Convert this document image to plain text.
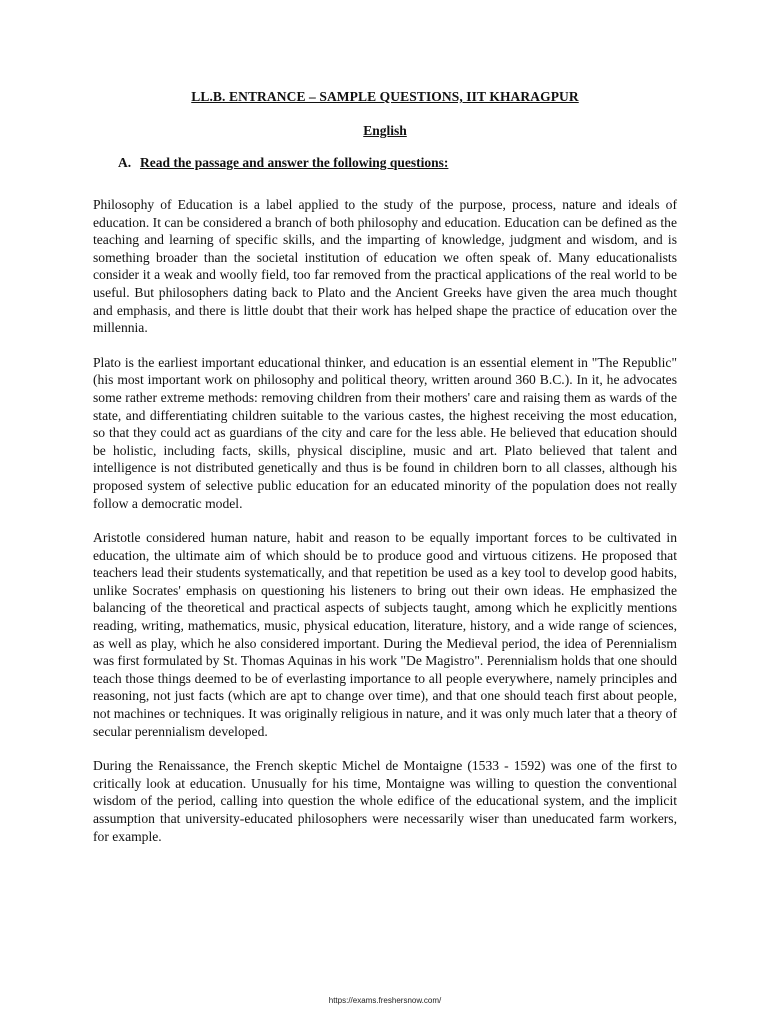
LL.B. ENTRANCE – SAMPLE QUESTIONS, IIT KHARAGPUR
English
A. Read the passage and answer the following questions:

Philosophy of Education is a label applied to the study of the purpose, process, nature and ideals of education. It can be considered a branch of both philosophy and education. Education can be defined as the teaching and learning of specific skills, and the imparting of knowledge, judgment and wisdom, and is something broader than the societal institution of education we often speak of. Many educationalists consider it a weak and woolly field, too far removed from the practical applications of the real world to be useful. But philosophers dating back to Plato and the Ancient Greeks have given the area much thought and emphasis, and there is little doubt that their work has helped shape the practice of education over the millennia.

Plato is the earliest important educational thinker, and education is an essential element in "The Republic" (his most important work on philosophy and political theory, written around 360 B.C.). In it, he advocates some rather extreme methods: removing children from their mothers' care and raising them as wards of the state, and differentiating children suitable to the various castes, the highest receiving the most education, so that they could act as guardians of the city and care for the less able. He believed that education should be holistic, including facts, skills, physical discipline, music and art. Plato believed that talent and intelligence is not distributed genetically and thus is be found in children born to all classes, although his proposed system of selective public education for an educated minority of the population does not really follow a democratic model.

Aristotle considered human nature, habit and reason to be equally important forces to be cultivated in education, the ultimate aim of which should be to produce good and virtuous citizens. He proposed that teachers lead their students systematically, and that repetition be used as a key tool to develop good habits, unlike Socrates' emphasis on questioning his listeners to bring out their own ideas. He emphasized the balancing of the theoretical and practical aspects of subjects taught, among which he explicitly mentions reading, writing, mathematics, music, physical education, literature, history, and a wide range of sciences, as well as play, which he also considered important. During the Medieval period, the idea of Perennialism was first formulated by St. Thomas Aquinas in his work "De Magistro". Perennialism holds that one should teach those things deemed to be of everlasting importance to all people everywhere, namely principles and reasoning, not just facts (which are apt to change over time), and that one should teach first about people, not machines or techniques. It was originally religious in nature, and it was only much later that a theory of secular perennialism developed.

During the Renaissance, the French skeptic Michel de Montaigne (1533 - 1592) was one of the first to critically look at education. Unusually for his time, Montaigne was willing to question the conventional wisdom of the period, calling into question the whole edifice of the educational system, and the implicit assumption that university-educated philosophers were necessarily wiser than uneducated farm workers, for example.

https://exams.freshersnow.com/
